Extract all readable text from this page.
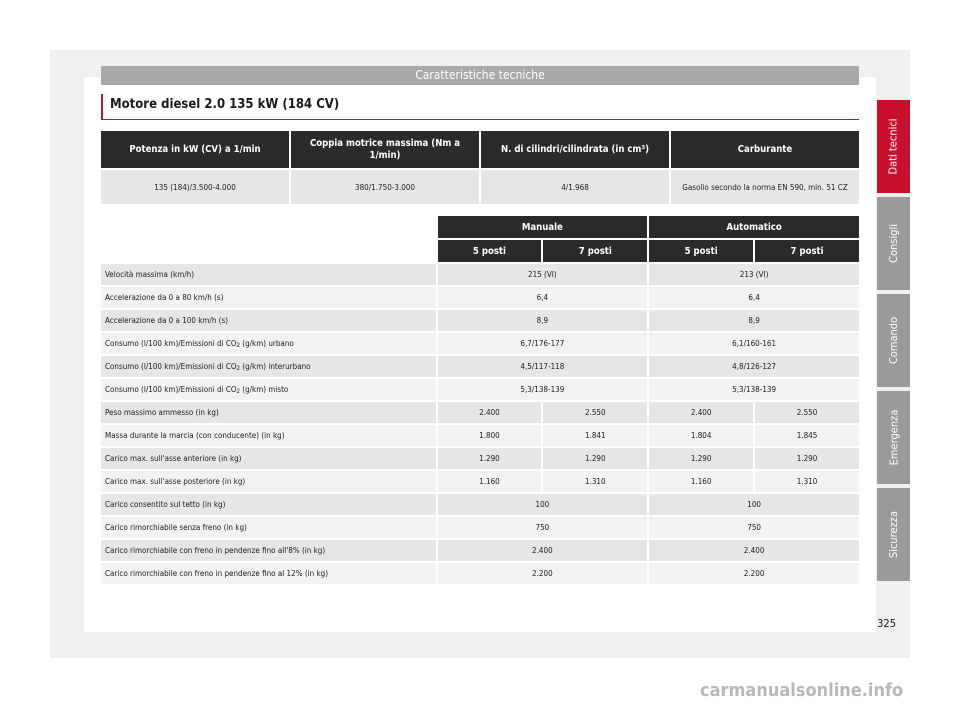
Caratteristiche tecniche
Motore diesel 2.0 135 kW (184 CV)
Potenza in kW (CV) a 1/min	Coppia motrice massima (Nm a 1/min)	N. di cilindri/cilindrata (in cm³)	Carburante
135 (184)/3.500-4.000	380/1.750-3.000	4/1.968	Gasolio secondo la norma EN 590, min. 51 CZ
	Manuale		Automatico	
	5 posti	7 posti	5 posti	7 posti
Velocità massima (km/h)	215 (VI)		213 (VI)	
Accelerazione da 0 a 80 km/h (s)	6,4		6,4	
Accelerazione da 0 a 100 km/h (s)	8,9		8,9	
Consumo (l/100 km)/Emissioni di $CO_2$ (g/km) urbano	6,7/176-177		6,1/160-161	
Consumo (l/100 km)/Emissioni di $CO_2$ (g/km) interurbano	4,5/117-118		4,8/126-127	
Consumo (l/100 km)/Emissioni di $CO_2$ (g/km) misto	5,3/138-139		5,3/138-139	
Peso massimo ammesso (in kg)	2.400	2.550	2.400	2.550
Massa durante la marcia (con conducente) (in kg)	1.800	1.841	1.804	1.845
Carico max. sull'asse anteriore (in kg)	1.290	1.290	1.290	1.290
Carico max. sull'asse posteriore (in kg)	1.160	1.310	1.160	1.310
Carico consentito sul tetto (in kg)	100		100	
Carico rimorchiabile senza freno (in kg)	750		750	
Carico rimorchiabile con freno in pendenze fino all'8% (in kg)	2.400		2.400	
Carico rimorchiabile con freno in pendenze fino al 12% (in kg)	2.200		2.200	
Dati tecnici
Consigli
Comando
Emergenza
Sicurezza
325
carmanualsonline.info
